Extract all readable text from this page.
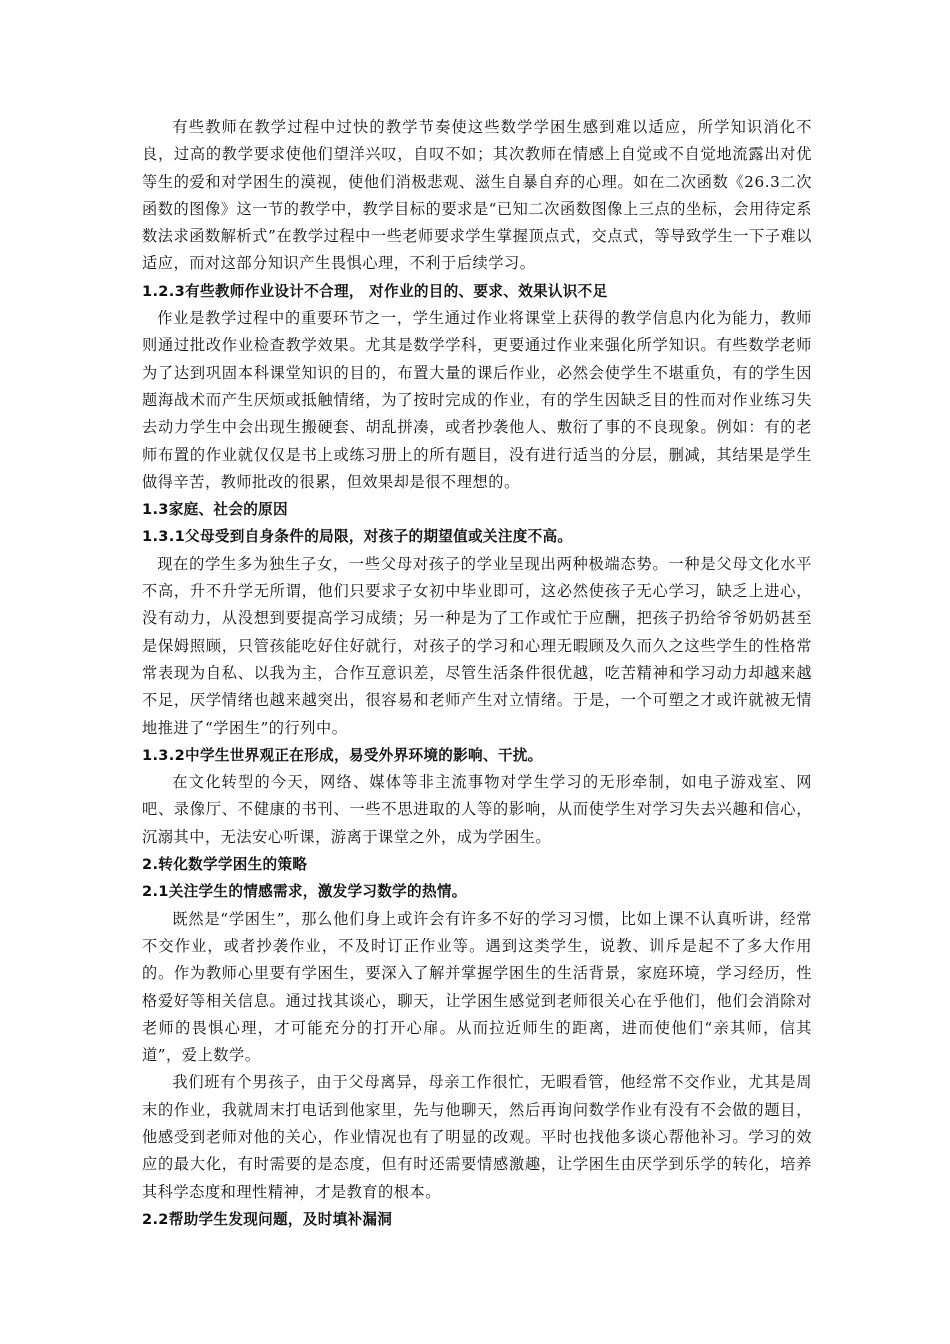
有些教师在教学过程中过快的教学节奏使这些数学学困生感到难以适应，所学知识消化不良，过高的教学要求使他们望洋兴叹，自叹不如；其次教师在情感上自觉或不自觉地流露出对优等生的爱和对学困生的漠视，使他们消极悲观、滋生自暴自弃的心理。如在二次函数《26.3二次函数的图像》这一节的教学中，教学目标的要求是“已知二次函数图像上三点的坐标，会用待定系数法求函数解析式”在教学过程中一些老师要求学生掌握顶点式，交点式，等导致学生一下子难以适应，而对这部分知识产生畏惧心理，不利于后续学习。

1.2.3有些教师作业设计不合理， 对作业的目的、要求、效果认识不足

作业是教学过程中的重要环节之一，学生通过作业将课堂上获得的教学信息内化为能力，教师则通过批改作业检查教学效果。尤其是数学学科，更要通过作业来强化所学知识。有些数学老师为了达到巩固本科课堂知识的目的，布置大量的课后作业，必然会使学生不堪重负，有的学生因题海战术而产生厌烦或抵触情绪，为了按时完成的作业，有的学生因缺乏目的性而对作业练习失去动力学生中会出现生搬硬套、胡乱拼凑，或者抄袭他人、敷衍了事的不良现象。例如：有的老师布置的作业就仅仅是书上或练习册上的所有题目，没有进行适当的分层，删减，其结果是学生做得辛苦，教师批改的很累，但效果却是很不理想的。

1.3家庭、社会的原因

1.3.1父母受到自身条件的局限，对孩子的期望值或关注度不高。

现在的学生多为独生子女，一些父母对孩子的学业呈现出两种极端态势。一种是父母文化水平不高，升不升学无所谓，他们只要求子女初中毕业即可，这必然使孩子无心学习，缺乏上进心，没有动力，从没想到要提高学习成绩；另一种是为了工作或忙于应酬，把孩子扔给爷爷奶奶甚至是保姆照顾，只管孩能吃好住好就行，对孩子的学习和心理无暇顾及久而久之这些学生的性格常常表现为自私、以我为主，合作互意识差，尽管生活条件很优越，吃苦精神和学习动力却越来越不足，厌学情绪也越来越突出，很容易和老师产生对立情绪。于是，一个可塑之才或许就被无情地推进了“学困生”的行列中。

1.3.2中学生世界观正在形成，易受外界环境的影响、干扰。

在文化转型的今天，网络、媒体等非主流事物对学生学习的无形牵制，如电子游戏室、网吧、录像厅、不健康的书刊、一些不思进取的人等的影响，从而使学生对学习失去兴趣和信心，沉溺其中，无法安心听课，游离于课堂之外，成为学困生。

2.转化数学学困生的策略

2.1关注学生的情感需求，激发学习数学的热情。

既然是“学困生”，那么他们身上或许会有许多不好的学习习惯，比如上课不认真听讲，经常不交作业，或者抄袭作业，不及时订正作业等。遇到这类学生，说教、训斥是起不了多大作用的。作为教师心里要有学困生，要深入了解并掌握学困生的生活背景，家庭环境，学习经历，性格爱好等相关信息。通过找其谈心，聊天，让学困生感觉到老师很关心在乎他们，他们会消除对老师的畏惧心理，才可能充分的打开心扉。从而拉近师生的距离，进而使他们“亲其师，信其道”，爱上数学。

我们班有个男孩子，由于父母离异，母亲工作很忙，无暇看管，他经常不交作业，尤其是周末的作业，我就周末打电话到他家里，先与他聊天，然后再询问数学作业有没有不会做的题目，他感受到老师对他的关心，作业情况也有了明显的改观。平时也找他多谈心帮他补习。学习的效应的最大化，有时需要的是态度，但有时还需要情感激趣，让学困生由厌学到乐学的转化，培养其科学态度和理性精神，才是教育的根本。

2.2帮助学生发现问题，及时填补漏洞
